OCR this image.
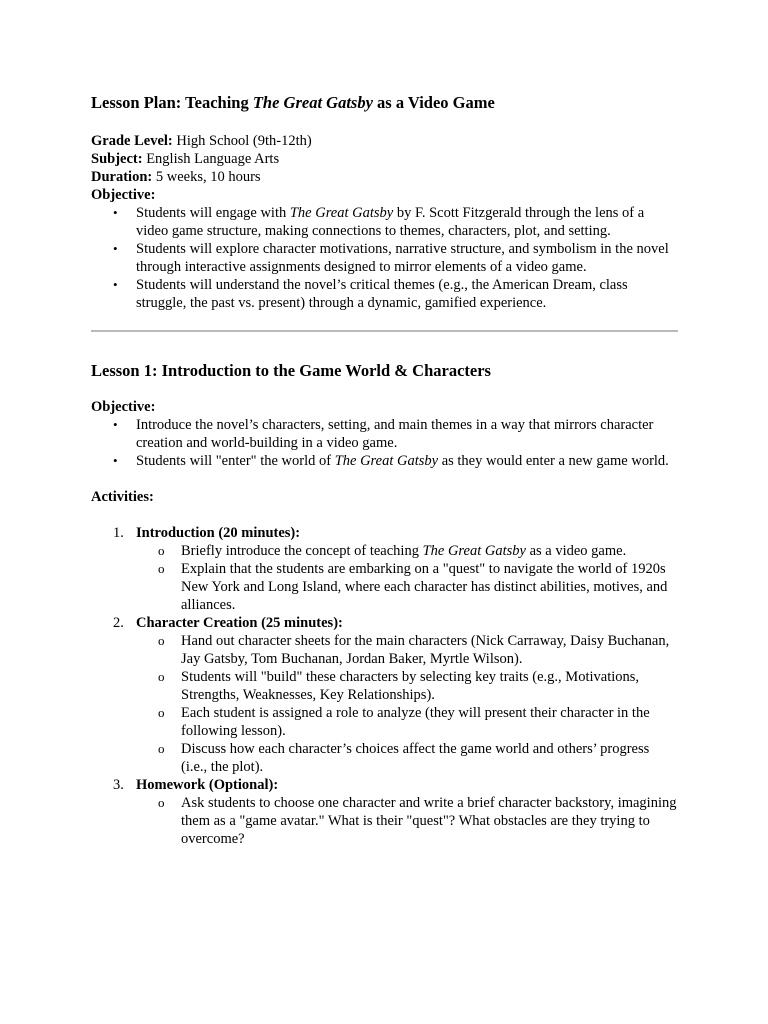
Lesson Plan: Teaching The Great Gatsby as a Video Game
Grade Level: High School (9th-12th)
Subject: English Language Arts
Duration: 5 weeks, 10 hours
Objective:
• Students will engage with The Great Gatsby by F. Scott Fitzgerald through the lens of a video game structure, making connections to themes, characters, plot, and setting.
• Students will explore character motivations, narrative structure, and symbolism in the novel through interactive assignments designed to mirror elements of a video game.
• Students will understand the novel’s critical themes (e.g., the American Dream, class struggle, the past vs. present) through a dynamic, gamified experience.
Lesson 1: Introduction to the Game World & Characters
Objective:
• Introduce the novel’s characters, setting, and main themes in a way that mirrors character creation and world-building in a video game.
• Students will "enter" the world of The Great Gatsby as they would enter a new game world.
Activities:
1. Introduction (20 minutes):
o Briefly introduce the concept of teaching The Great Gatsby as a video game.
o Explain that the students are embarking on a "quest" to navigate the world of 1920s New York and Long Island, where each character has distinct abilities, motives, and alliances.
2. Character Creation (25 minutes):
o Hand out character sheets for the main characters (Nick Carraway, Daisy Buchanan, Jay Gatsby, Tom Buchanan, Jordan Baker, Myrtle Wilson).
o Students will "build" these characters by selecting key traits (e.g., Motivations, Strengths, Weaknesses, Key Relationships).
o Each student is assigned a role to analyze (they will present their character in the following lesson).
o Discuss how each character’s choices affect the game world and others’ progress (i.e., the plot).
3. Homework (Optional):
o Ask students to choose one character and write a brief character backstory, imagining them as a "game avatar." What is their "quest"? What obstacles are they trying to overcome?
